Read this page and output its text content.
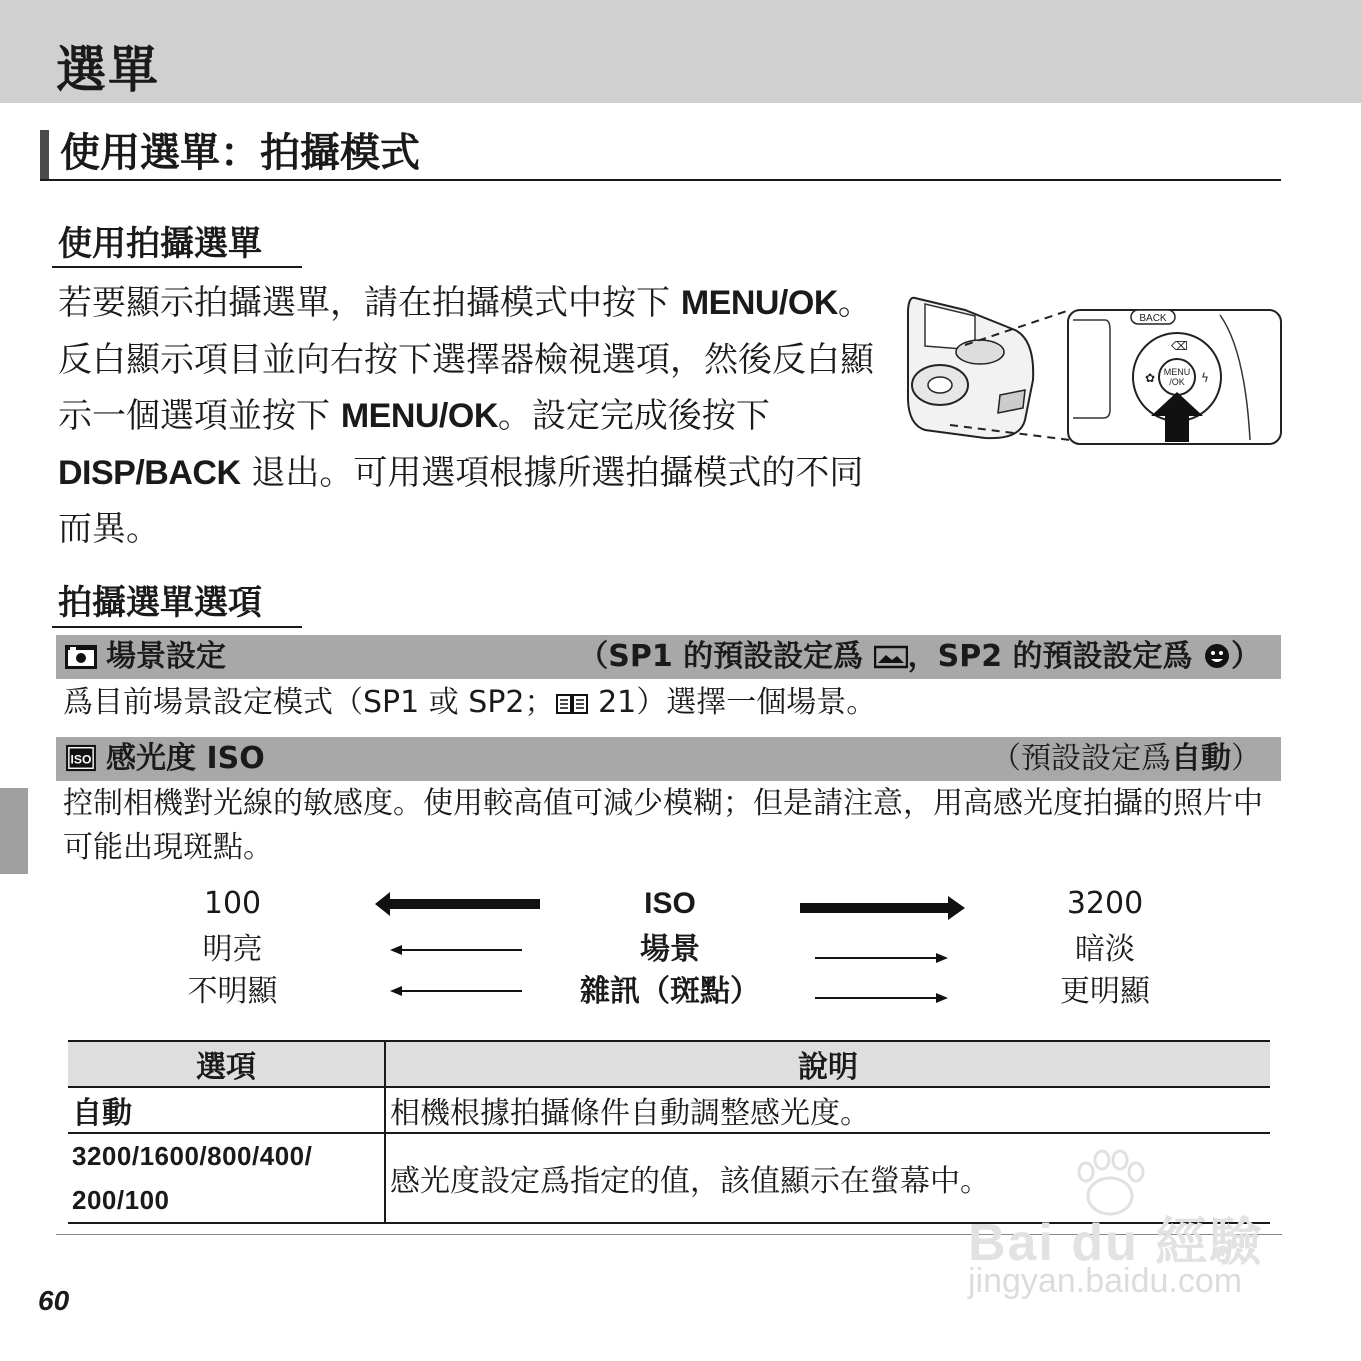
選單
使用選單：拍攝模式
使用拍攝選單
若要顯示拍攝選單，請在拍攝模式中按下 MENU/OK。反白顯示項目並向右按下選擇器檢視選項，然後反白顯示一個選項並按下 MENU/OK。設定完成後按下 DISP/BACK 退出。可用選項根據所選拍攝模式的不同而異。
BACK
MENU
/OK
⌫
✿	ϟ
拍攝選單選項
場景設定	（SP1 的預設設定爲 ，SP2 的預設設定爲 ）
爲目前場景設定模式（SP1 或 SP2； 21）選擇一個場景。
ISO 感光度 ISO	（預設設定爲自動）
控制相機對光線的敏感度。使用較高值可減少模糊；但是請注意，用高感光度拍攝的照片中可能出現斑點。
100	ISO	3200
明亮	場景	暗淡
不明顯	雜訊（斑點）	更明顯
選項	說明
自動	相機根據拍攝條件自動調整感光度。

3200/1600/800/400/
200/100	感光度設定爲指定的值，該值顯示在螢幕中。
60
Bai du 經驗
jingyan.baidu.com
